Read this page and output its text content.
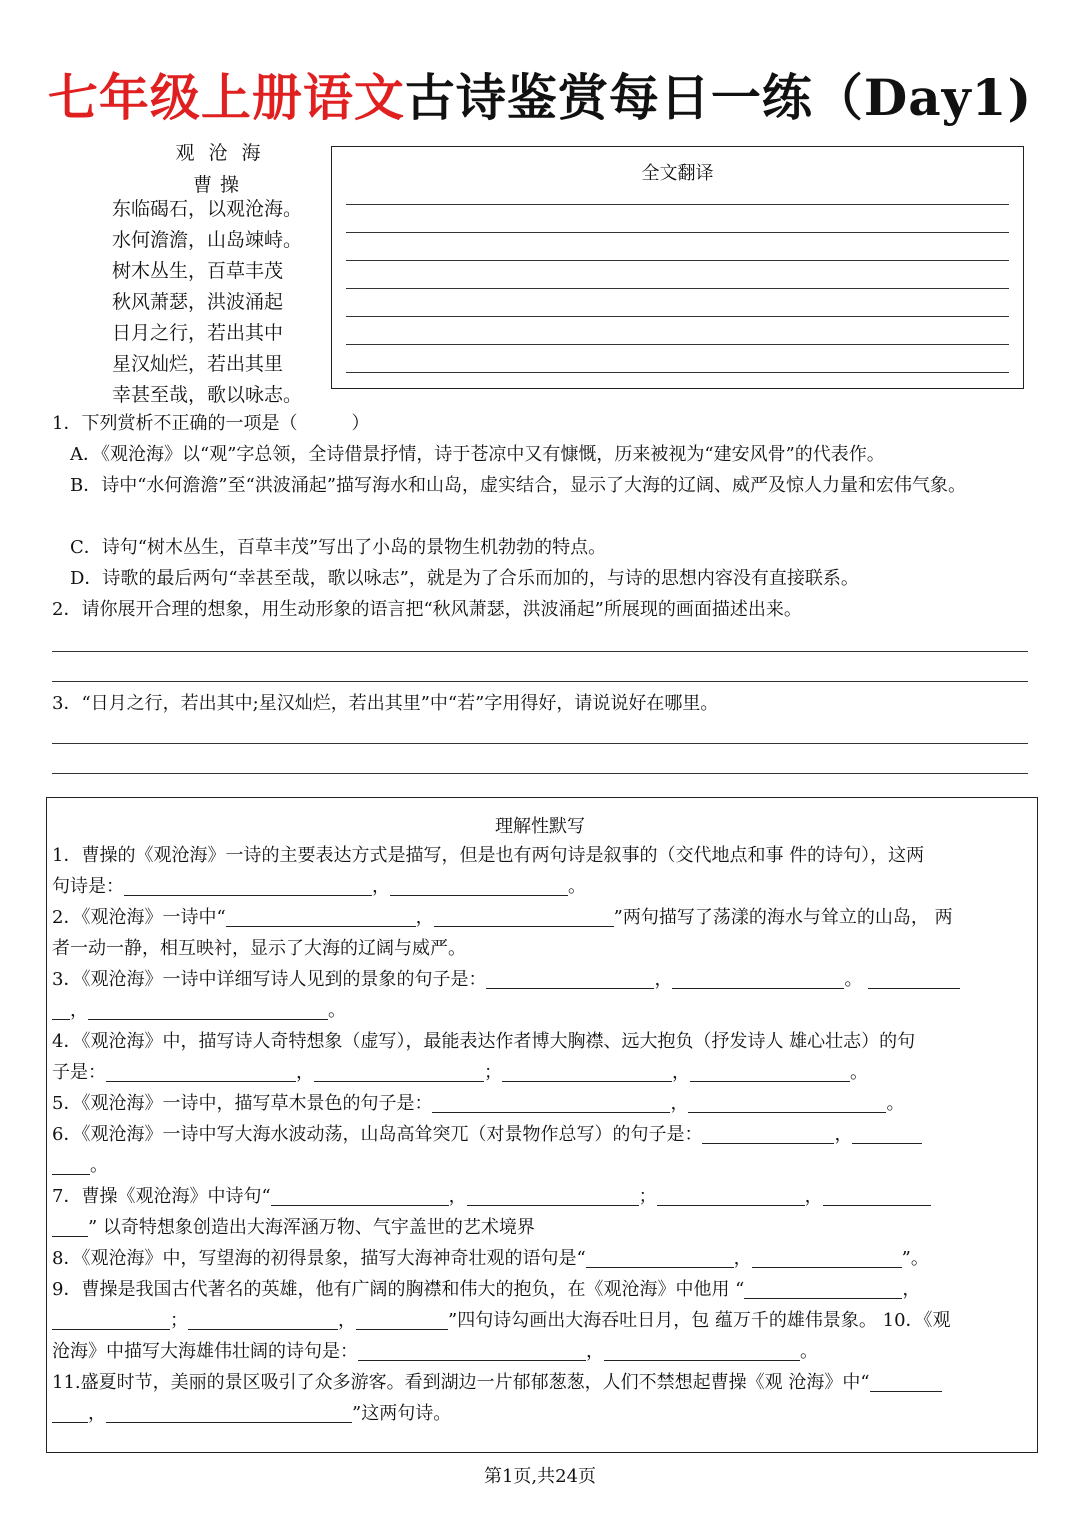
七年级上册语文古诗鉴赏每日一练（Day1)
观沧海
曹操
东临碣石，以观沧海。
水何澹澹，山岛竦峙。
树木丛生，百草丰茂
秋风萧瑟，洪波涌起
日月之行，若出其中
星汉灿烂，若出其里
幸甚至哉，歌以咏志。
全文翻译
1．下列赏析不正确的一项是（　　　）
A．《观沧海》以“观”字总领，全诗借景抒情，诗于苍凉中又有慷慨，历来被视为“建安风骨”的代表作。
B．诗中“水何澹澹”至“洪波涌起”描写海水和山岛，虚实结合，显示了大海的辽阔、威严及惊人力量和宏伟气象。
C．诗句“树木丛生，百草丰茂”写出了小岛的景物生机勃勃的特点。
D．诗歌的最后两句“幸甚至哉，歌以咏志”，就是为了合乐而加的，与诗的思想内容没有直接联系。
2．请你展开合理的想象，用生动形象的语言把“秋风萧瑟，洪波涌起”所展现的画面描述出来。
3．“日月之行，若出其中;星汉灿烂，若出其里”中“若”字用得好，请说说好在哪里。
理解性默写
1．曹操的《观沧海》一诗的主要表达方式是描写，但是也有两句诗是叙事的（交代地点和事 件的诗句），这两
句诗是：	，	。
2．《观沧海》一诗中“	，	”两句描写了荡漾的海水与耸立的山岛， 两
者一动一静，相互映衬，显示了大海的辽阔与威严。
3．《观沧海》一诗中详细写诗人见到的景象的句子是：	，	。
，	。
4．《观沧海》中，描写诗人奇特想象（虚写），最能表达作者博大胸襟、远大抱负（抒发诗人 雄心壮志）的句
子是：	，	；	，	。
5．《观沧海》一诗中，描写草木景色的句子是：	，	。
6．《观沧海》一诗中写大海水波动荡，山岛高耸突兀（对景物作总写）的句子是：	，
。
7．曹操《观沧海》中诗句“	，	；	，
” 以奇特想象创造出大海浑涵万物、气宇盖世的艺术境界
8．《观沧海》中，写望海的初得景象，描写大海神奇壮观的语句是“	，	”。
9．曹操是我国古代著名的英雄，他有广阔的胸襟和伟大的抱负，在《观沧海》中他用 “	，
；	，	”四句诗勾画出大海吞吐日月，包 蕴万千的雄伟景象。 10．《观
沧海》中描写大海雄伟壮阔的诗句是：	，	。
11.盛夏时节，美丽的景区吸引了众多游客。看到湖边一片郁郁葱葱，人们不禁想起曹操《观 沧海》中“
，	”这两句诗。
第1页,共24页
